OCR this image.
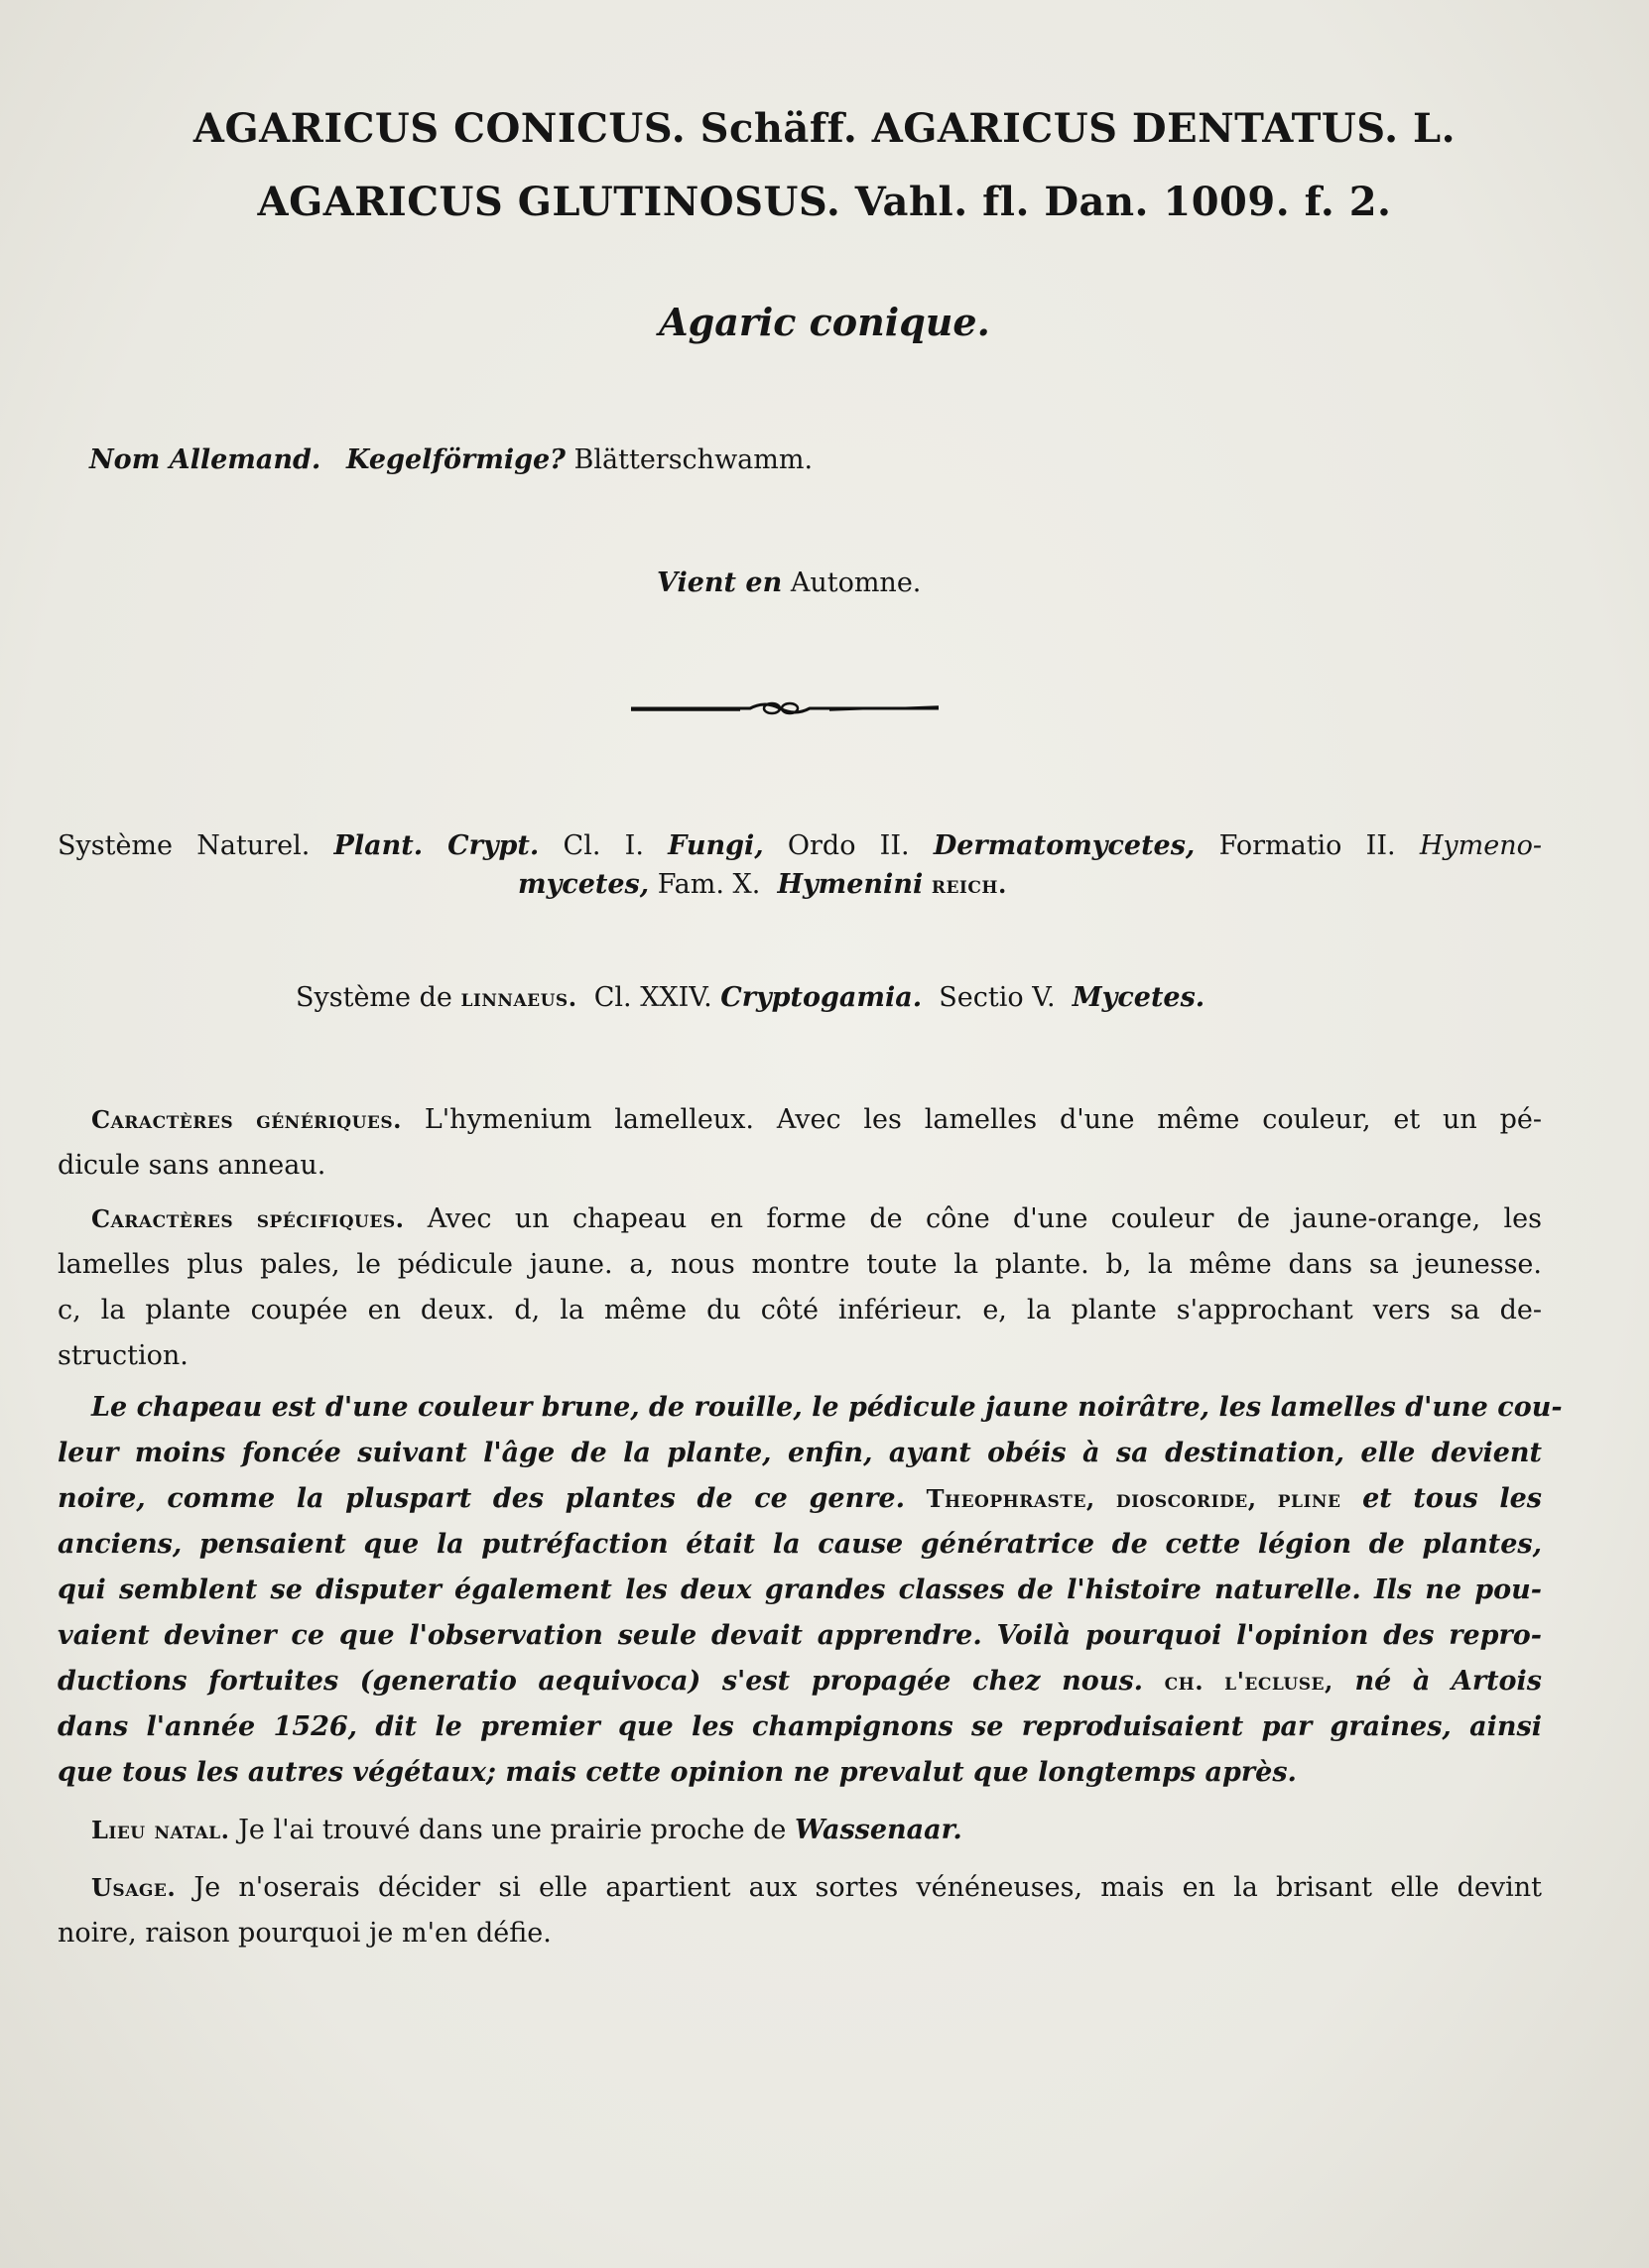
AGARICUS CONICUS. Schäff. AGARICUS DENTATUS. L.
AGARICUS GLUTINOSUS. Vahl. fl. Dan. 1009. f. 2.
Agaric conique.
Nom Allemand. Kegelförmige? Blätterschwamm.
Vient en Automne.
Système Naturel. Plant. Crypt. Cl. I. Fungi, Ordo II. Dermatomycetes, Formatio II. Hymeno-
mycetes, Fam. X. Hymenini reich.
Système de linnaeus. Cl. XXIV. Cryptogamia. Sectio V. Mycetes.
Caractères génériques. L'hymenium lamelleux. Avec les lamelles d'une même couleur, et un pé-
dicule sans anneau.
Caractères spécifiques. Avec un chapeau en forme de cône d'une couleur de jaune-orange, les
lamelles plus pales, le pédicule jaune. a, nous montre toute la plante. b, la même dans sa jeunesse.
c, la plante coupée en deux. d, la même du côté inférieur. e, la plante s'approchant vers sa de-
struction.
Le chapeau est d'une couleur brune, de rouille, le pédicule jaune noirâtre, les lamelles d'une cou-
leur moins foncée suivant l'âge de la plante, enfin, ayant obéis à sa destination, elle devient
noire, comme la pluspart des plantes de ce genre. Theophraste, dioscoride, pline et tous les
anciens, pensaient que la putréfaction était la cause génératrice de cette légion de plantes,
qui semblent se disputer également les deux grandes classes de l'histoire naturelle. Ils ne pou-
vaient deviner ce que l'observation seule devait apprendre. Voilà pourquoi l'opinion des repro-
ductions fortuites (generatio aequivoca) s'est propagée chez nous. ch. l'ecluse, né à Artois
dans l'année 1526, dit le premier que les champignons se reproduisaient par graines, ainsi
que tous les autres végétaux; mais cette opinion ne prevalut que longtemps après.
Lieu natal. Je l'ai trouvé dans une prairie proche de Wassenaar.
Usage. Je n'oserais décider si elle apartient aux sortes vénéneuses, mais en la brisant elle devint
noire, raison pourquoi je m'en défie.
